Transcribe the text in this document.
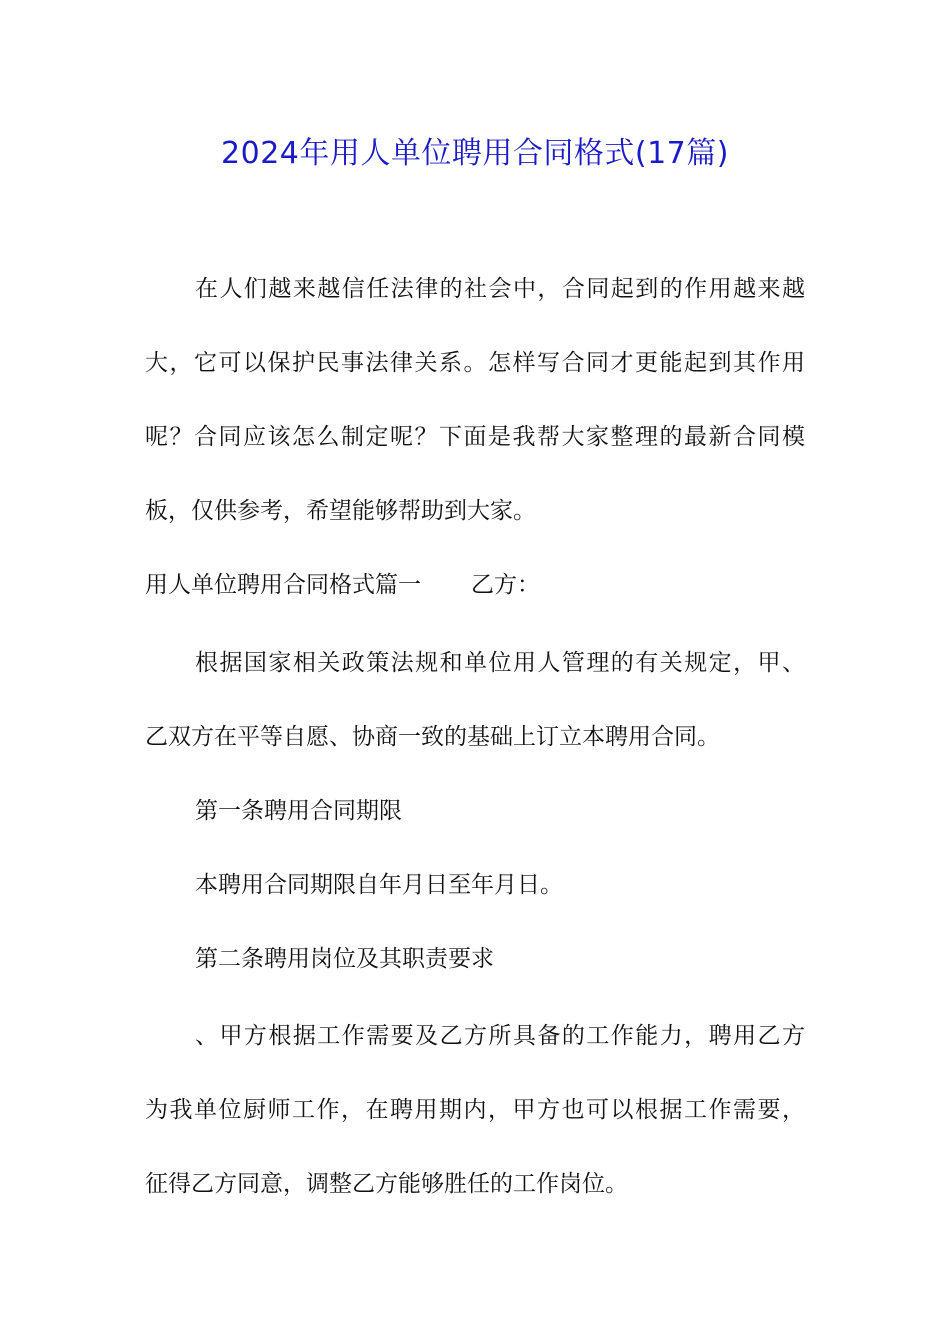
2024年用人单位聘用合同格式(17篇)
在人们越来越信任法律的社会中，合同起到的作用越来越
大，它可以保护民事法律关系。怎样写合同才更能起到其作用
呢？合同应该怎么制定呢？下面是我帮大家整理的最新合同模
板，仅供参考，希望能够帮助到大家。
用人单位聘用合同格式篇一 乙方：
根据国家相关政策法规和单位用人管理的有关规定，甲、
乙双方在平等自愿、协商一致的基础上订立本聘用合同。
第一条聘用合同期限
本聘用合同期限自年月日至年月日。
第二条聘用岗位及其职责要求
、甲方根据工作需要及乙方所具备的工作能力，聘用乙方
为我单位厨师工作，在聘用期内，甲方也可以根据工作需要，
征得乙方同意，调整乙方能够胜任的工作岗位。
